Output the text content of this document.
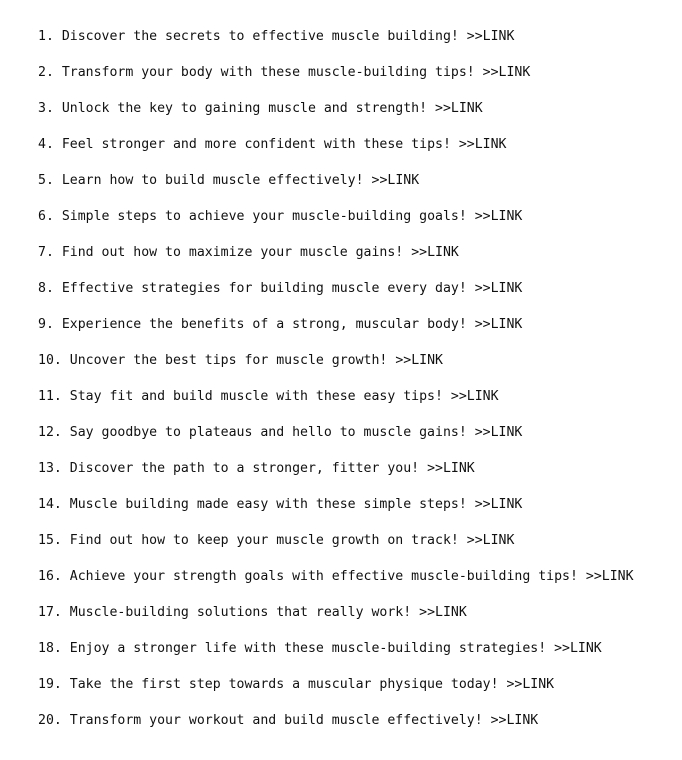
1. Discover the secrets to effective muscle building! >>LINK
2. Transform your body with these muscle-building tips! >>LINK
3. Unlock the key to gaining muscle and strength! >>LINK
4. Feel stronger and more confident with these tips! >>LINK
5. Learn how to build muscle effectively! >>LINK
6. Simple steps to achieve your muscle-building goals! >>LINK
7. Find out how to maximize your muscle gains! >>LINK
8. Effective strategies for building muscle every day! >>LINK
9. Experience the benefits of a strong, muscular body! >>LINK
10. Uncover the best tips for muscle growth! >>LINK
11. Stay fit and build muscle with these easy tips! >>LINK
12. Say goodbye to plateaus and hello to muscle gains! >>LINK
13. Discover the path to a stronger, fitter you! >>LINK
14. Muscle building made easy with these simple steps! >>LINK
15. Find out how to keep your muscle growth on track! >>LINK
16. Achieve your strength goals with effective muscle-building tips! >>LINK
17. Muscle-building solutions that really work! >>LINK
18. Enjoy a stronger life with these muscle-building strategies! >>LINK
19. Take the first step towards a muscular physique today! >>LINK
20. Transform your workout and build muscle effectively! >>LINK
